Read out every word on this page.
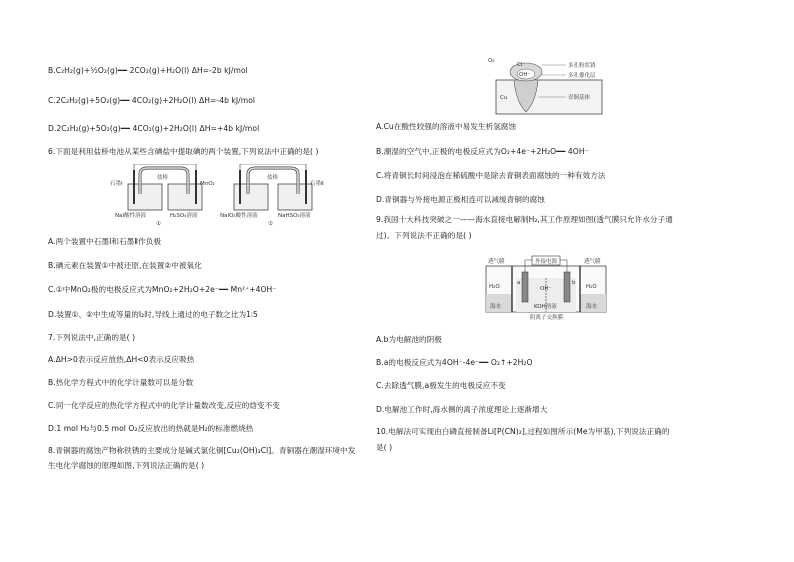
B.C₂H₂(g)+⁵⁄₂O₂(g)━━ 2CO₂(g)+H₂O(l) ΔH=-2b kJ/mol
C.2C₂H₂(g)+5O₂(g)━━ 4CO₂(g)+2H₂O(l) ΔH=-4b kJ/mol
D.2C₂H₂(g)+5O₂(g)━━ 4CO₂(g)+2H₂O(l) ΔH=+4b kJ/mol
6.下面是利用盐桥电池从某些含碘盐中提取碘的两个装置,下列说法中正确的是( )
石墨Ⅰ
盐桥
MnO₂
NaI酸性溶液	H₂SO₄溶液
①
盐桥
石墨Ⅱ
NaIO₃酸性溶液	NaHSO₃溶液
②
A.两个装置中石墨Ⅰ和石墨Ⅱ作负极
B.碘元素在装置①中被还原,在装置②中被氧化
C.①中MnO₂极的电极反应式为MnO₂+2H₂O+2e⁻━━ Mn²⁺+4OH⁻
D.装置①、②中生成等量的I₂时,导线上通过的电子数之比为1∶5
7.下列说法中,正确的是( )
A.ΔH>0表示反应放热,ΔH<0表示反应吸热
B.热化学方程式中的化学计量数可以是分数
C.同一化学反应的热化学方程式中的化学计量数改变,反应的焓变不变
D.1 mol H₂与0.5 mol O₂反应放出的热就是H₂的标准燃烧热
8.青铜器的腐蚀产物称铁锈的主要成分是碱式氯化铜[Cu₂(OH)₃Cl]。青铜器在潮湿环境中发
生电化学腐蚀的原理如图,下列说法正确的是( )
O₂
Cl⁻
OH⁻
Cu
多孔粉状锈
多孔催化层
青铜基体
A.Cu在酸性较强的溶液中易发生析氢腐蚀
B.潮湿的空气中,正极的电极反应式为O₂+4e⁻+2H₂O━━ 4OH⁻
C.将青铜长时间浸泡在稀硫酸中是除去青铜表面腐蚀的一种有效方法
D.青铜器与外接电源正极相连可以减缓青铜的腐蚀
9.我国十大科技突破之一——海水直接电解制H₂,其工作原理如图(透气膜只允许水分子通
过)。下列说法不正确的是( )
透气膜	外接电源	透气膜
H₂O	H₂O
a	b
OH⁻
海水	KOH溶液	海水
阴离子交换膜
A.b为电解池的阴极
B.a的电极反应式为4OH⁻-4e⁻━━ O₂↑+2H₂O
C.去除透气膜,a极发生的电极反应不变
D.电解池工作时,海水侧的离子浓度理论上逐渐增大
10.电解法可实现由白磷直接制备Li[P(CN)₂],过程如图所示(Me为甲基),下列说法正确的
是( )
